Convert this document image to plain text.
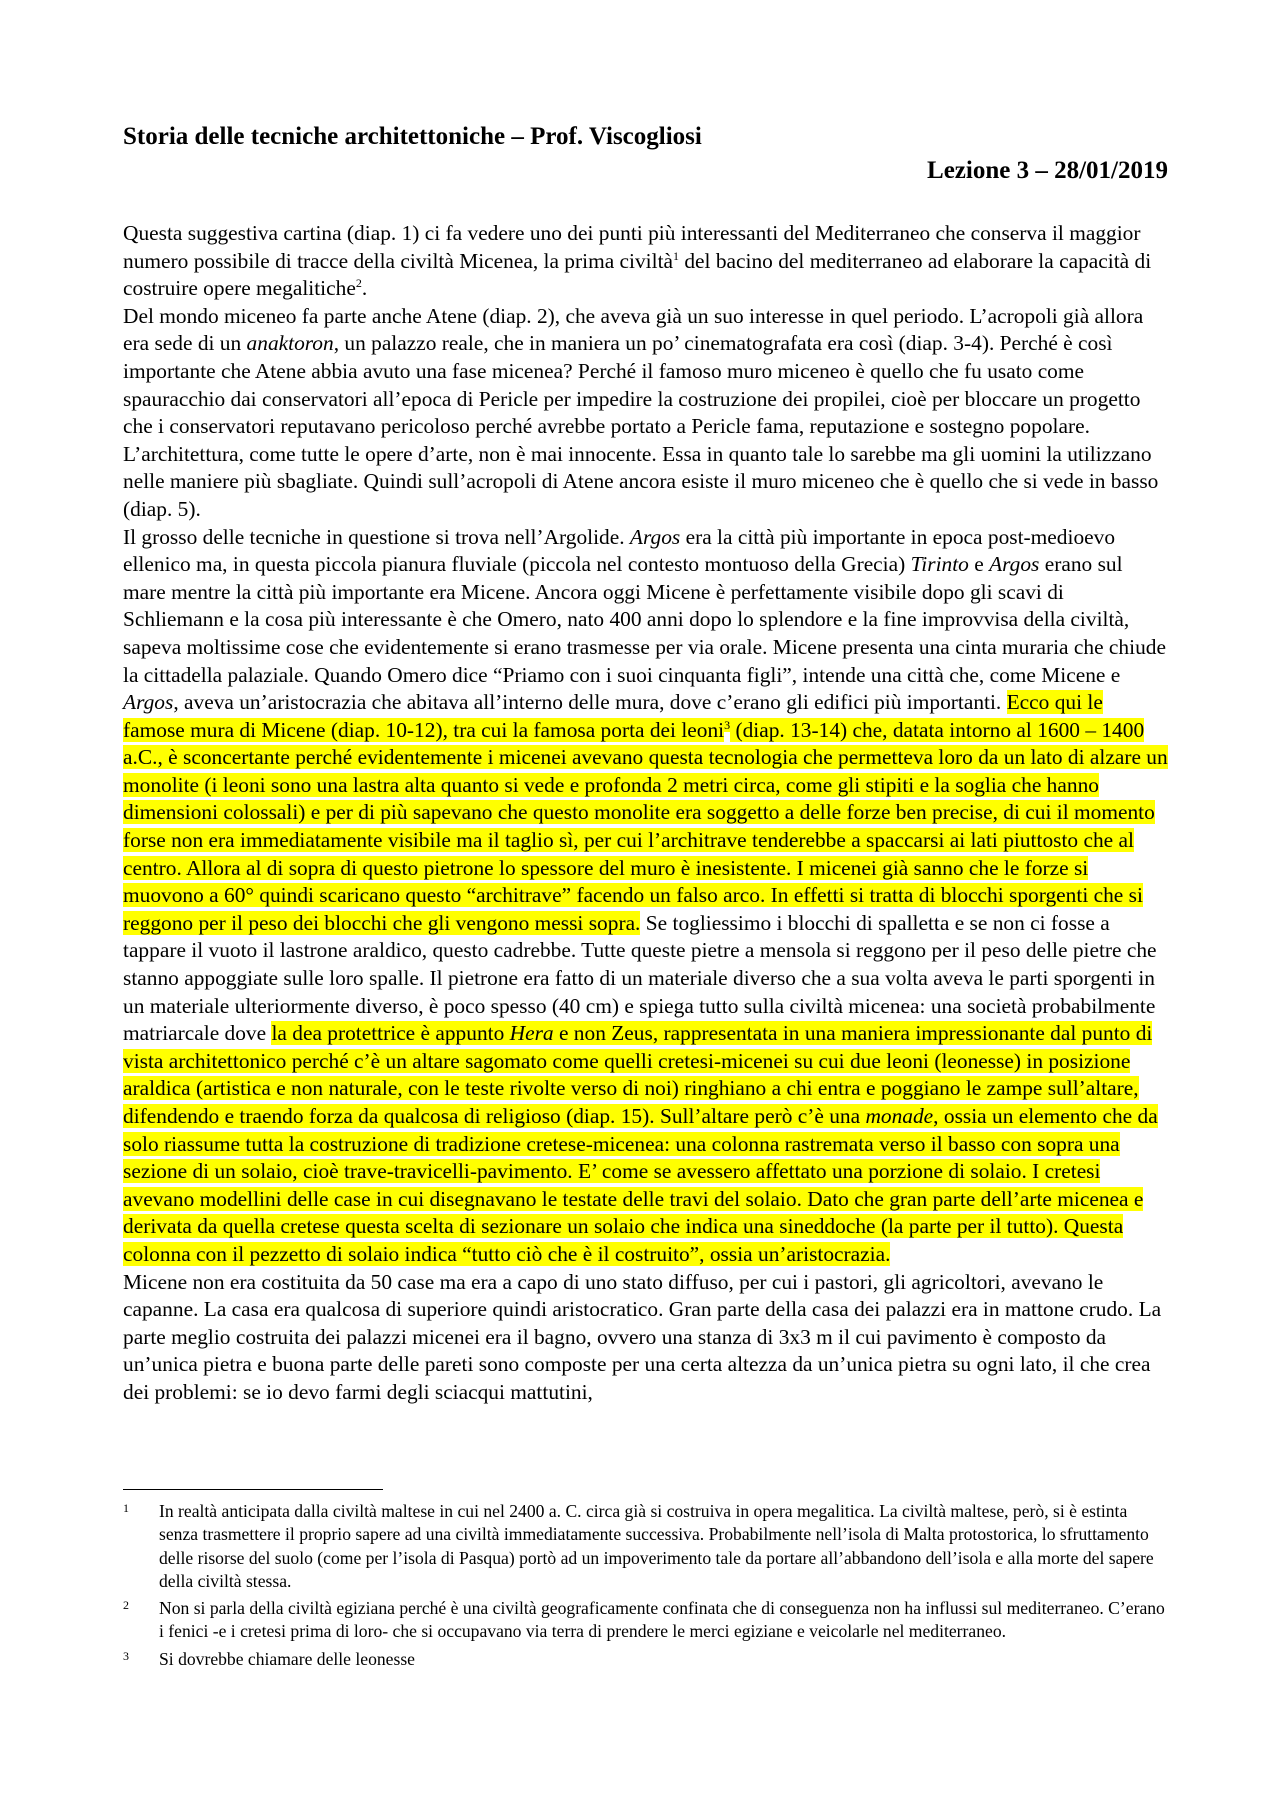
Storia delle tecniche architettoniche – Prof. Viscogliosi
Lezione 3 – 28/01/2019

Questa suggestiva cartina (diap. 1) ci fa vedere uno dei punti più interessanti del Mediterraneo che conserva il maggior numero possibile di tracce della civiltà Micenea, la prima civiltà$^1$ del bacino del mediterraneo ad elaborare la capacità di costruire opere megalitiche$^2$.

Del mondo miceneo fa parte anche Atene (diap. 2), che aveva già un suo interesse in quel periodo. L’acropoli già allora era sede di un anaktoron, un palazzo reale, che in maniera un po’ cinematografata era così (diap. 3-4). Perché è così importante che Atene abbia avuto una fase micenea? Perché il famoso muro miceneo è quello che fu usato come spauracchio dai conservatori all’epoca di Pericle per impedire la costruzione dei propilei, cioè per bloccare un progetto che i conservatori reputavano pericoloso perché avrebbe portato a Pericle fama, reputazione e sostegno popolare. L’architettura, come tutte le opere d’arte, non è mai innocente. Essa in quanto tale lo sarebbe ma gli uomini la utilizzano nelle maniere più sbagliate. Quindi sull’acropoli di Atene ancora esiste il muro miceneo che è quello che si vede in basso (diap. 5).

Il grosso delle tecniche in questione si trova nell’Argolide. Argos era la città più importante in epoca post-medioevo ellenico ma, in questa piccola pianura fluviale (piccola nel contesto montuoso della Grecia) Tirinto e Argos erano sul mare mentre la città più importante era Micene. Ancora oggi Micene è perfettamente visibile dopo gli scavi di Schliemann e la cosa più interessante è che Omero, nato 400 anni dopo lo splendore e la fine improvvisa della civiltà, sapeva moltissime cose che evidentemente si erano trasmesse per via orale. Micene presenta una cinta muraria che chiude la cittadella palaziale. Quando Omero dice “Priamo con i suoi cinquanta figli”, intende una città che, come Micene e Argos, aveva un’aristocrazia che abitava all’interno delle mura, dove c’erano gli edifici più importanti. Ecco qui le famose mura di Micene (diap. 10-12), tra cui la famosa porta dei leoni$^3$ (diap. 13-14) che, datata intorno al 1600 – 1400 a.C., è sconcertante perché evidentemente i micenei avevano questa tecnologia che permetteva loro da un lato di alzare un monolite (i leoni sono una lastra alta quanto si vede e profonda 2 metri circa, come gli stipiti e la soglia che hanno dimensioni colossali) e per di più sapevano che questo monolite era soggetto a delle forze ben precise, di cui il momento forse non era immediatamente visibile ma il taglio sì, per cui l’architrave tenderebbe a spaccarsi ai lati piuttosto che al centro. Allora al di sopra di questo pietrone lo spessore del muro è inesistente. I micenei già sanno che le forze si muovono a 60° quindi scaricano questo “architrave” facendo un falso arco. In effetti si tratta di blocchi sporgenti che si reggono per il peso dei blocchi che gli vengono messi sopra. Se togliessimo i blocchi di spalletta e se non ci fosse a tappare il vuoto il lastrone araldico, questo cadrebbe. Tutte queste pietre a mensola si reggono per il peso delle pietre che stanno appoggiate sulle loro spalle. Il pietrone era fatto di un materiale diverso che a sua volta aveva le parti sporgenti in un materiale ulteriormente diverso, è poco spesso (40 cm) e spiega tutto sulla civiltà micenea: una società probabilmente matriarcale dove la dea protettrice è appunto Hera e non Zeus, rappresentata in una maniera impressionante dal punto di vista architettonico perché c’è un altare sagomato come quelli cretesi-micenei su cui due leoni (leonesse) in posizione araldica (artistica e non naturale, con le teste rivolte verso di noi) ringhiano a chi entra e poggiano le zampe sull’altare, difendendo e traendo forza da qualcosa di religioso (diap. 15). Sull’altare però c’è una monade, ossia un elemento che da solo riassume tutta la costruzione di tradizione cretese-micenea: una colonna rastremata verso il basso con sopra una sezione di un solaio, cioè trave-travicelli-pavimento. E’ come se avessero affettato una porzione di solaio. I cretesi avevano modellini delle case in cui disegnavano le testate delle travi del solaio. Dato che gran parte dell’arte micenea e derivata da quella cretese questa scelta di sezionare un solaio che indica una sineddoche (la parte per il tutto). Questa colonna con il pezzetto di solaio indica “tutto ciò che è il costruito”, ossia un’aristocrazia.

Micene non era costituita da 50 case ma era a capo di uno stato diffuso, per cui i pastori, gli agricoltori, avevano le capanne. La casa era qualcosa di superiore quindi aristocratico. Gran parte della casa dei palazzi era in mattone crudo. La parte meglio costruita dei palazzi micenei era il bagno, ovvero una stanza di 3x3 m il cui pavimento è composto da un’unica pietra e buona parte delle pareti sono composte per una certa altezza da un’unica pietra su ogni lato, il che crea dei problemi: se io devo farmi degli sciacqui mattutini,

1	In realtà anticipata dalla civiltà maltese in cui nel 2400 a. C. circa già si costruiva in opera megalitica. La civiltà maltese, però, si è estinta senza trasmettere il proprio sapere ad una civiltà immediatamente successiva. Probabilmente nell’isola di Malta protostorica, lo sfruttamento delle risorse del suolo (come per l’isola di Pasqua) portò ad un impoverimento tale da portare all’abbandono dell’isola e alla morte del sapere della civiltà stessa.
2	Non si parla della civiltà egiziana perché è una civiltà geograficamente confinata che di conseguenza non ha influssi sul mediterraneo. C’erano i fenici -e i cretesi prima di loro- che si occupavano via terra di prendere le merci egiziane e veicolarle nel mediterraneo.
3	Si dovrebbe chiamare delle leonesse
